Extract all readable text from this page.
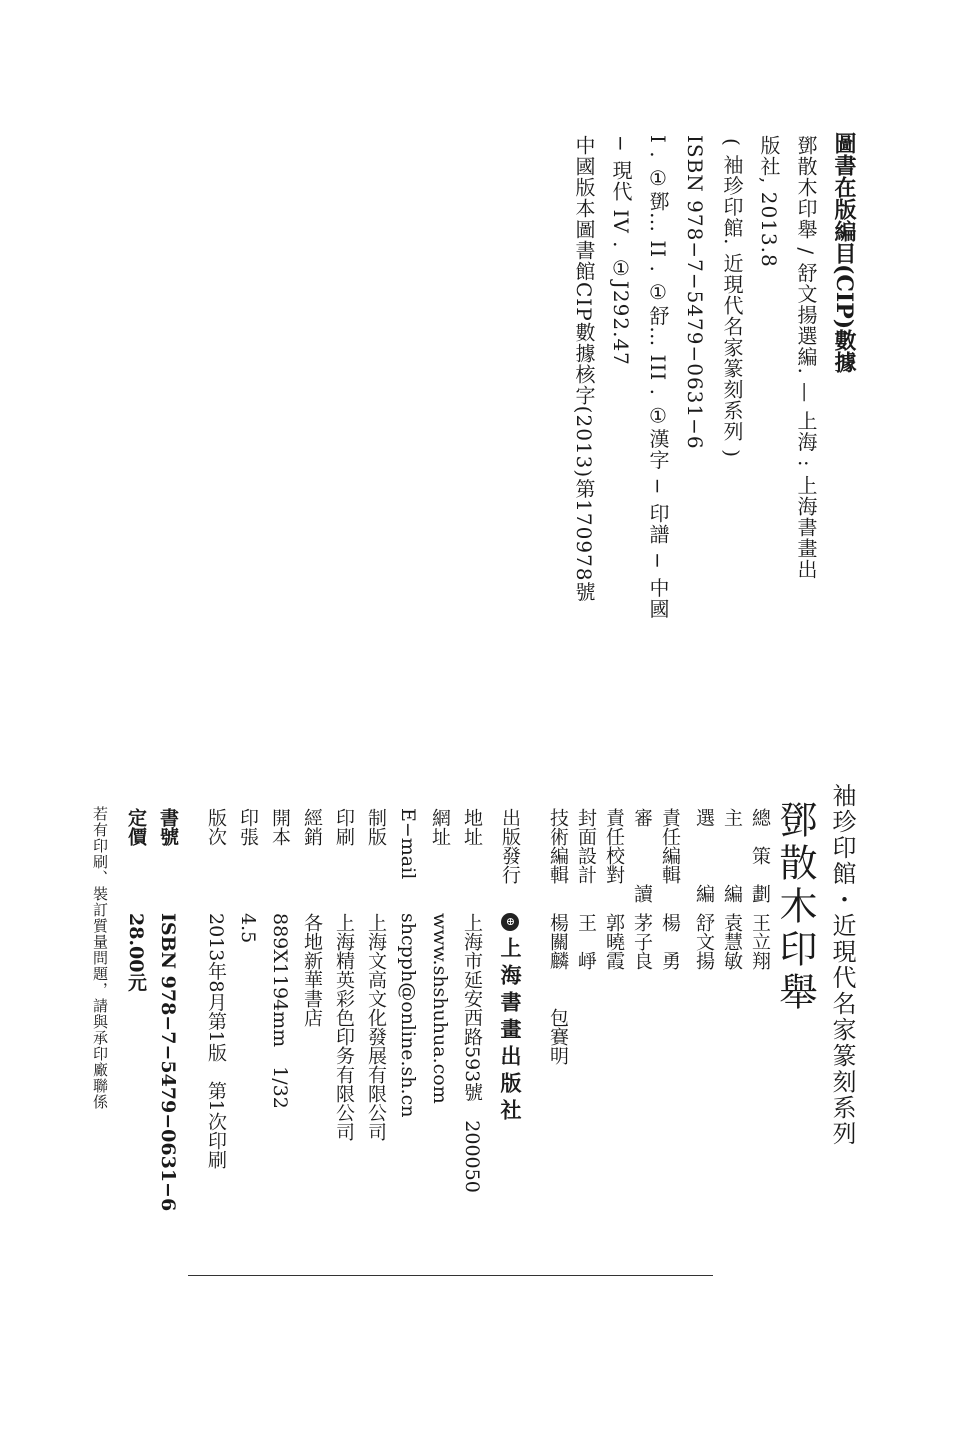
圖書在版編目(CIP)數據
鄧散木印舉 / 舒文揚選編. — 上海 : 上海書畫出
版社, 2013.8
( 袖珍印館. 近現代名家篆刻系列 )
ISBN 978−7−5479−0631−6
I . ①鄧… II . ①舒… III . ①漢字 − 印譜 − 中國
− 現代 IV . ①J292.47
中國版本圖書館CIP數據核字(2013)第170978號
袖珍印館・近現代名家篆刻系列
鄧散木印舉
總　策　劃王立翔
主　　　編袁慧敏
選　　　編舒文揚
責任編輯楊　勇
審　　　讀茅子良
責任校對郭曉霞
封面設計王　崢
技術編輯楊關麟　　包賽明
出版發行⊕上海書畫出版社
地址上海市延安西路593號　200050
網址www.shshuhua.com
E−mailshcpph@online.sh.cn
制版上海文高文化發展有限公司
印刷上海精英彩色印务有限公司
經銷各地新華書店
開本889X1194mm　1/32
印張4.5
版次2013年8月第1版　第1次印刷
書號ISBN 978−7−5479−0631−6
定價28.00元
若有印刷、裝訂質量問題，請與承印廠聯係
